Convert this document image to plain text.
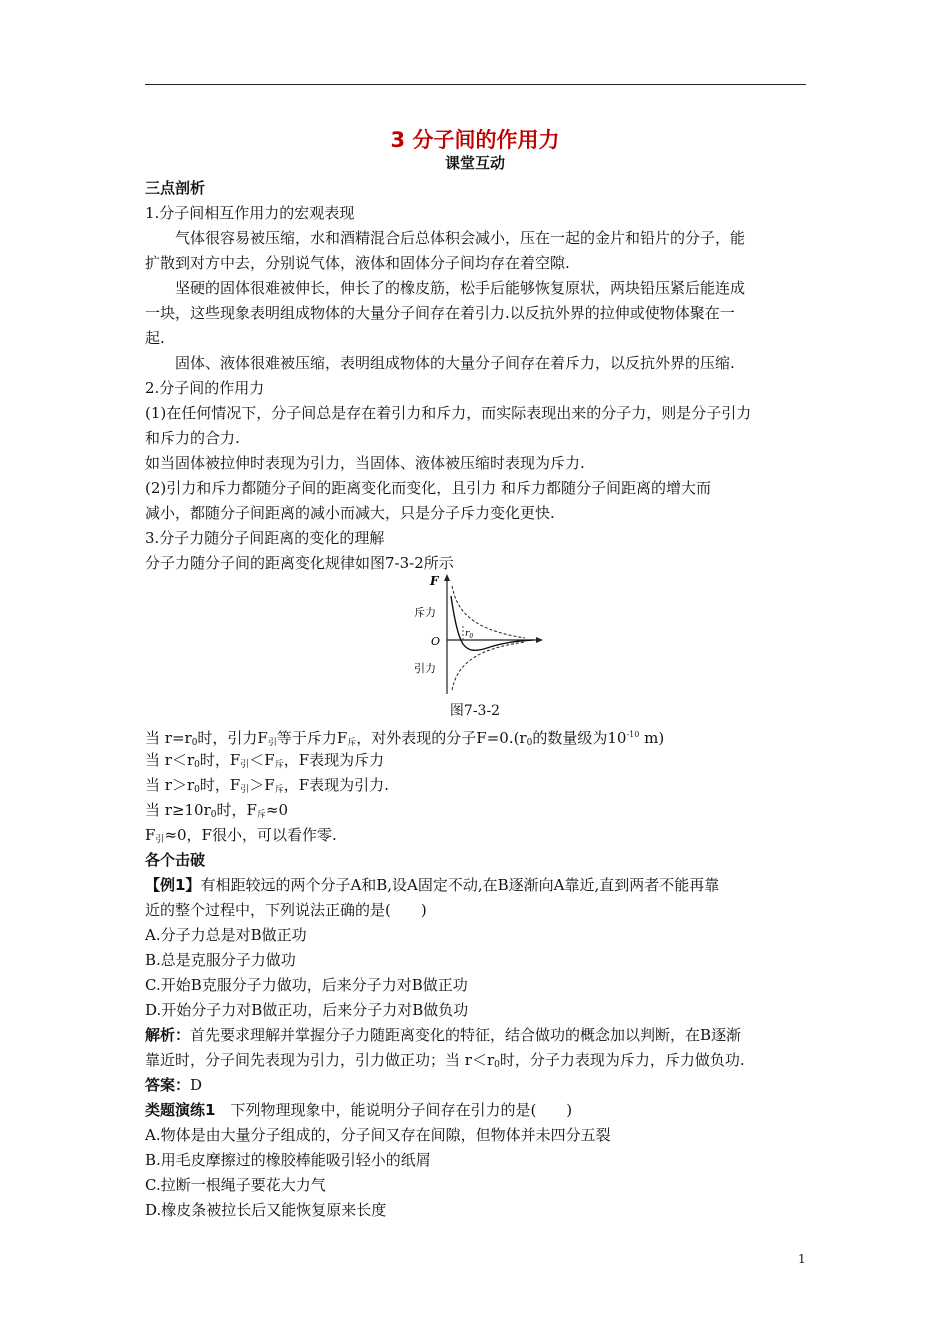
3 分子间的作用力
课堂互动
三点剖析
1.分子间相互作用力的宏观表现
气体很容易被压缩，水和酒精混合后总体积会减小，压在一起的金片和铅片的分子，能
扩散到对方中去，分别说气体，液体和固体分子间均存在着空隙.
坚硬的固体很难被伸长，伸长了的橡皮筋，松手后能够恢复原状，两块铅压紧后能连成
一块，这些现象表明组成物体的大量分子间存在着引力.以反抗外界的拉伸或使物体聚在一
起.
固体、液体很难被压缩，表明组成物体的大量分子间存在着斥力，以反抗外界的压缩.
2.分子间的作用力
(1)在任何情况下，分子间总是存在着引力和斥力，而实际表现出来的分子力，则是分子引力
和斥力的合力.
如当固体被拉伸时表现为引力，当固体、液体被压缩时表现为斥力.
(2)引力和斥力都随分子间的距离变化而变化，且引力 和斥力都随分子间距离的增大而
减小，都随分子间距离的减小而减大，只是分子斥力变化更快.
3.分子力随分子间距离的变化的理解
分子力随分子间的距离变化规律如图7-3-2所示
F
O
斥力
引力
$r_0$
图7-3-2
当 $r=r_0$时，引力$F_引$等于斥力$F_斥$，对外表现的分子$F=0.(r_0$的数量级为$10^{-10}$ m)
当 $r<r_0$时，$F_引<F_斥$，F表现为斥力
当 $r>r_0$时，$F_引>F_斥$，F表现为引力.
当 $r\ge 10r_0$时，$F_斥\approx 0$
$F_引\approx 0$，F很小，可以看作零.
各个击破
【例1】有相距较远的两个分子A和B,设A固定不动,在B逐渐向A靠近,直到两者不能再靠
近的整个过程中，下列说法正确的是(　　)
A.分子力总是对B做正功
B.总是克服分子力做功
C.开始B克服分子力做功，后来分子力对B做正功
D.开始分子力对B做正功，后来分子力对B做负功
解析：首先要求理解并掌握分子力随距离变化的特征，结合做功的概念加以判断，在B逐渐
靠近时，分子间先表现为引力，引力做正功；当 $r<r_0$时，分子力表现为斥力，斥力做负功.
答案：D
类题演练1　下列物理现象中，能说明分子间存在引力的是(　　)
A.物体是由大量分子组成的，分子间又存在间隙，但物体并未四分五裂
B.用毛皮摩擦过的橡胶棒能吸引轻小的纸屑
C.拉断一根绳子要花大力气
D.橡皮条被拉长后又能恢复原来长度
1
